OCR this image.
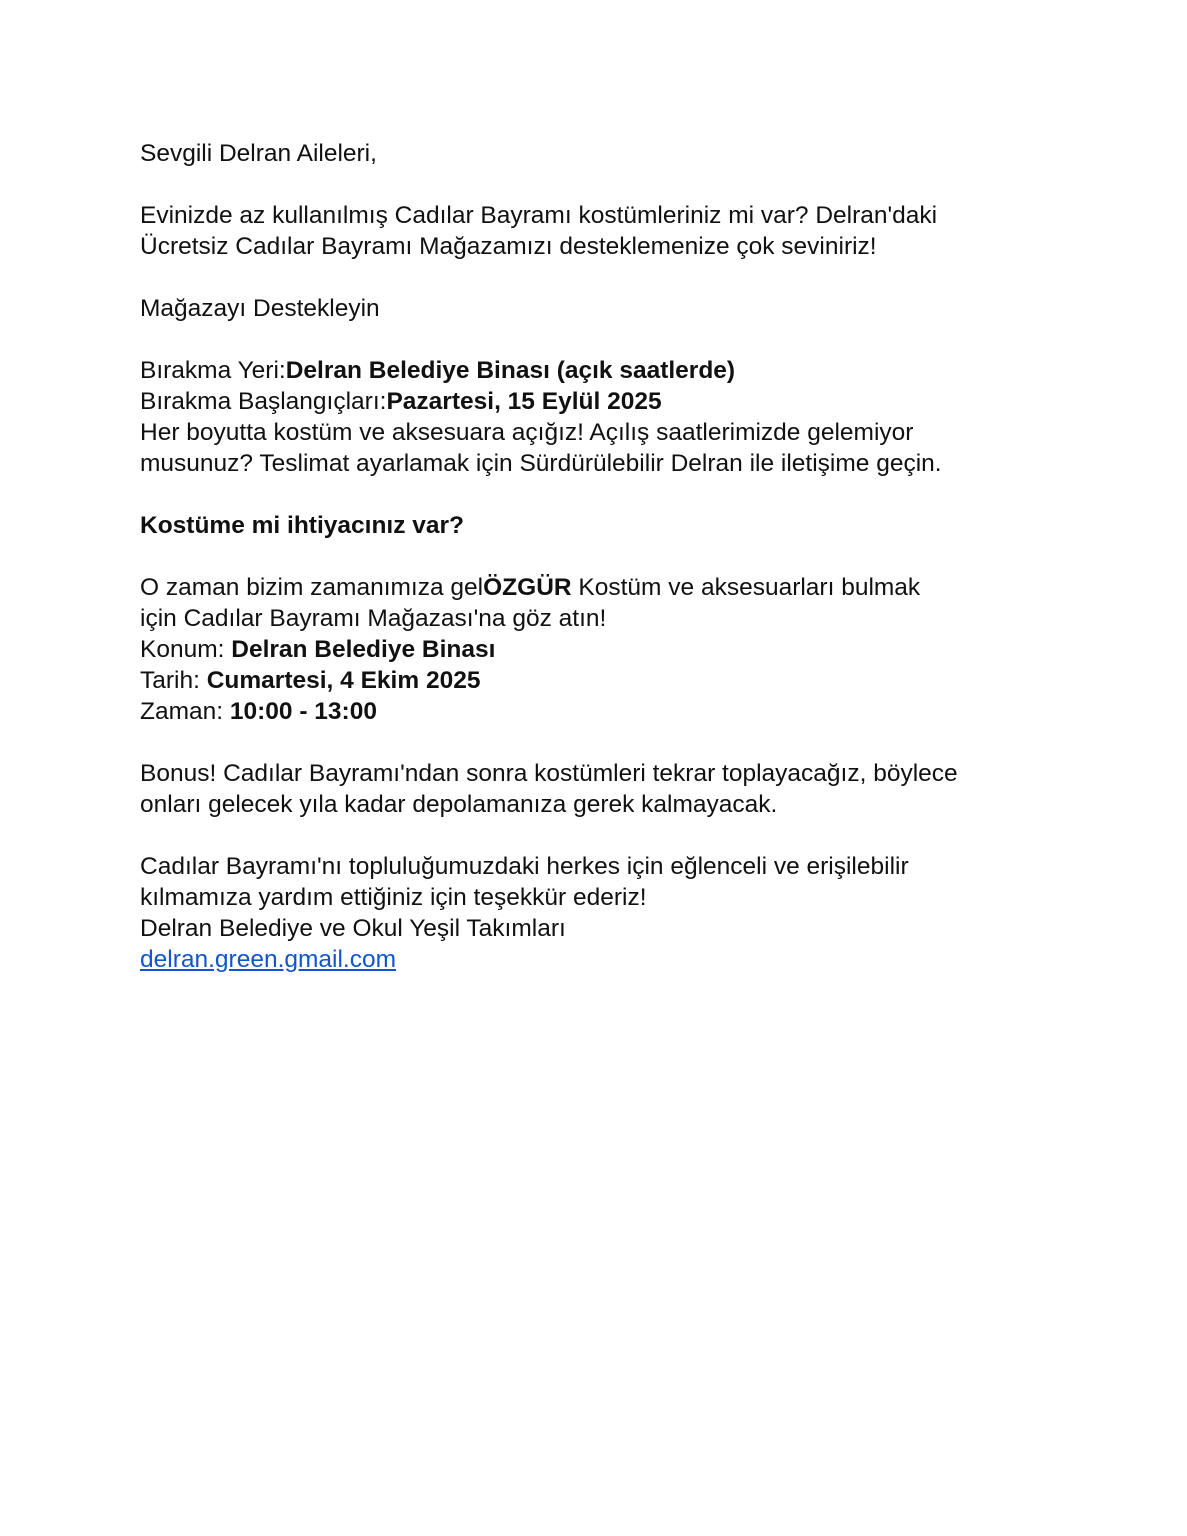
Sevgili Delran Aileleri,

Evinizde az kullanılmış Cadılar Bayramı kostümleriniz mi var? Delran'daki
Ücretsiz Cadılar Bayramı Mağazamızı desteklemenize çok seviniriz!

Mağazayı Destekleyin

Bırakma Yeri:Delran Belediye Binası (açık saatlerde)
Bırakma Başlangıçları:Pazartesi, 15 Eylül 2025
Her boyutta kostüm ve aksesuara açığız! Açılış saatlerimizde gelemiyor
musunuz? Teslimat ayarlamak için Sürdürülebilir Delran ile iletişime geçin.

Kostüme mi ihtiyacınız var?

O zaman bizim zamanımıza gelÖZGÜR Kostüm ve aksesuarları bulmak
için Cadılar Bayramı Mağazası'na göz atın!
Konum: Delran Belediye Binası
Tarih: Cumartesi, 4 Ekim 2025
Zaman: 10:00 - 13:00

Bonus! Cadılar Bayramı'ndan sonra kostümleri tekrar toplayacağız, böylece
onları gelecek yıla kadar depolamanıza gerek kalmayacak.

Cadılar Bayramı'nı topluluğumuzdaki herkes için eğlenceli ve erişilebilir
kılmamıza yardım ettiğiniz için teşekkür ederiz!
Delran Belediye ve Okul Yeşil Takımları
delran.green.gmail.com
